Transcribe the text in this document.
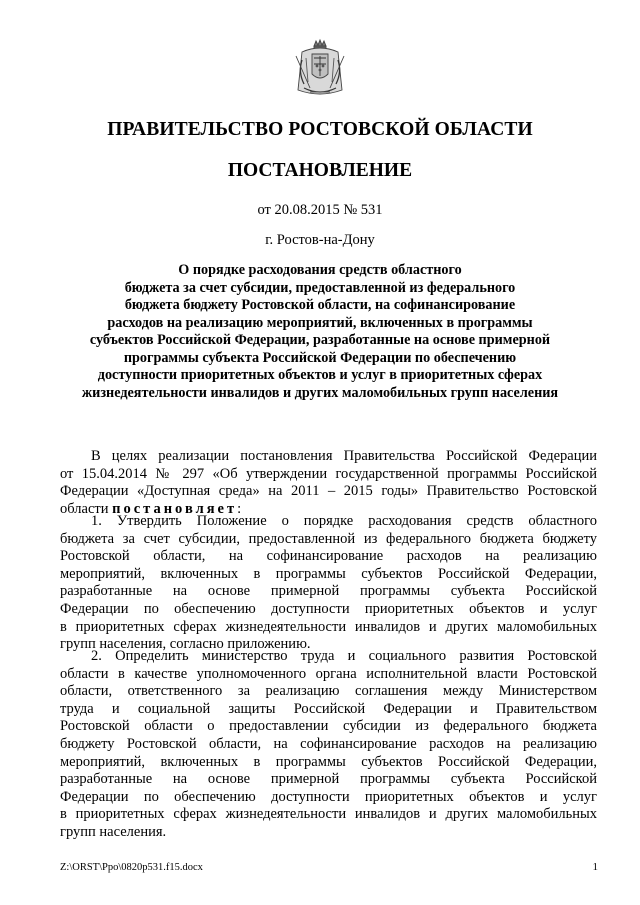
ПРАВИТЕЛЬСТВО РОСТОВСКОЙ ОБЛАСТИ
ПОСТАНОВЛЕНИЕ
от 20.08.2015 № 531
г. Ростов-на-Дону
О порядке расходования средств областного
бюджета за счет субсидии, предоставленной из федерального
бюджета бюджету Ростовской области, на софинансирование
расходов на реализацию мероприятий, включенных в программы
субъектов Российской Федерации, разработанные на основе примерной
программы субъекта Российской Федерации по обеспечению
доступности приоритетных объектов и услуг в приоритетных сферах
жизнедеятельности инвалидов и других маломобильных групп населения
В целях реализации постановления Правительства Российской Федерации
от 15.04.2014 № 297 «Об утверждении государственной программы Российской
Федерации «Доступная среда» на 2011 – 2015 годы» Правительство Ростовской
области постановляет:
1. Утвердить Положение о порядке расходования средств областного
бюджета за счет субсидии, предоставленной из федерального бюджета бюджету
Ростовской области, на софинансирование расходов на реализацию
мероприятий, включенных в программы субъектов Российской Федерации,
разработанные на основе примерной программы субъекта Российской
Федерации по обеспечению доступности приоритетных объектов и услуг
в приоритетных сферах жизнедеятельности инвалидов и других маломобильных
групп населения, согласно приложению.
2. Определить министерство труда и социального развития Ростовской
области в качестве уполномоченного органа исполнительной власти Ростовской
области, ответственного за реализацию соглашения между Министерством
труда и социальной защиты Российской Федерации и Правительством
Ростовской области о предоставлении субсидии из федерального бюджета
бюджету Ростовской области, на софинансирование расходов на реализацию
мероприятий, включенных в программы субъектов Российской Федерации,
разработанные на основе примерной программы субъекта Российской
Федерации по обеспечению доступности приоритетных объектов и услуг
в приоритетных сферах жизнедеятельности инвалидов и других маломобильных
групп населения.
Z:\ORST\Ppo\0820p531.f15.docx	1
